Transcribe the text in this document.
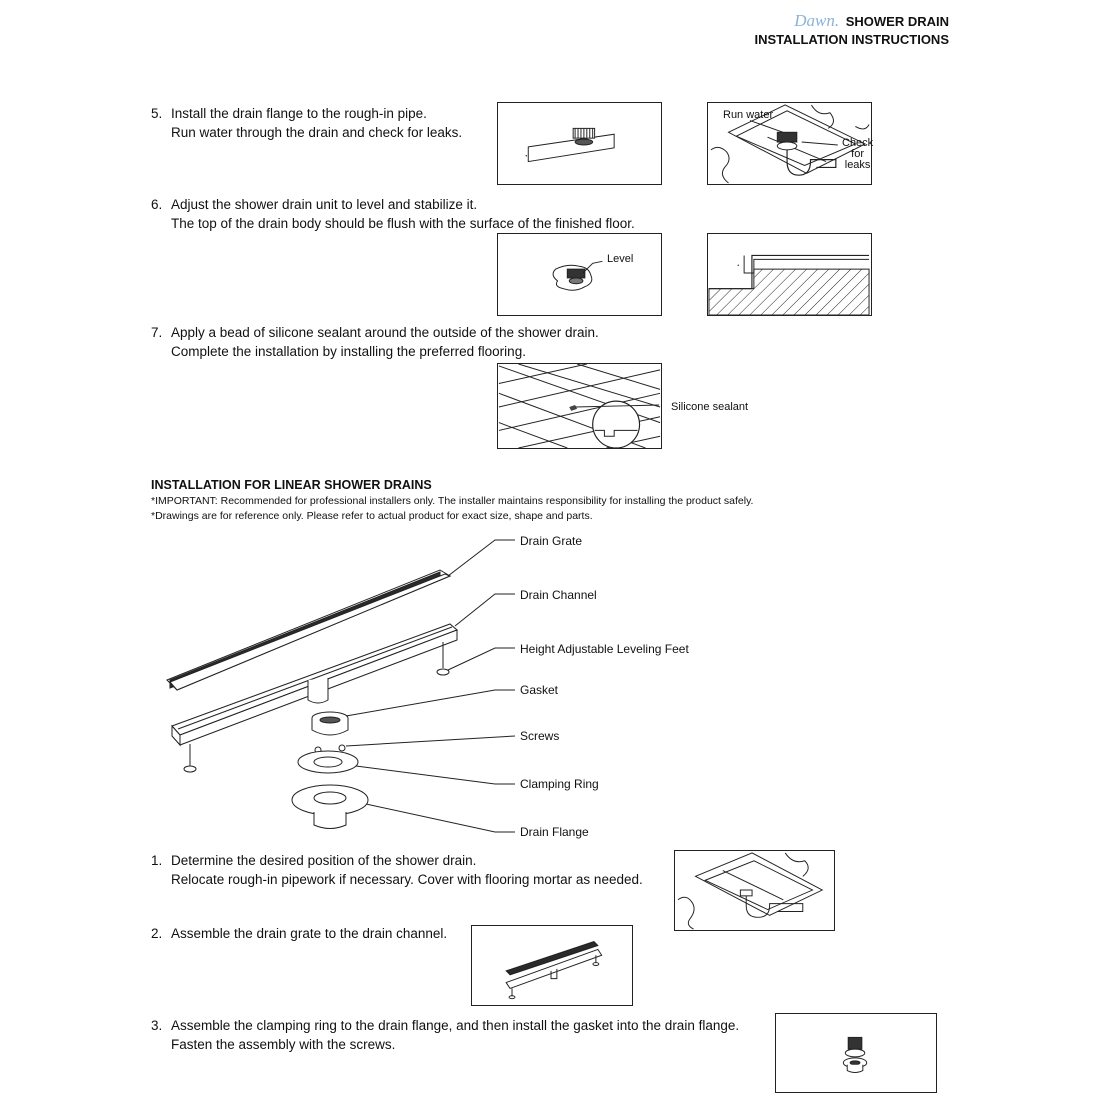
Dawn. SHOWER DRAIN
INSTALLATION INSTRUCTIONS
5. Install the drain flange to the rough-in pipe.
Run water through the drain and check for leaks.
Run water
Check
for
leaks
6. Adjust the shower drain unit to level and stabilize it.
The top of the drain body should be flush with the surface of the finished floor.
Level
7. Apply a bead of silicone sealant around the outside of the shower drain.
Complete the installation by installing the preferred flooring.
Silicone sealant
INSTALLATION FOR LINEAR SHOWER DRAINS
*IMPORTANT: Recommended for professional installers only. The installer maintains responsibility for installing the product safely.
*Drawings are for reference only. Please refer to actual product for exact size, shape and parts.
Drain Grate
Drain Channel
Height Adjustable Leveling Feet
Gasket
Screws
Clamping Ring
Drain Flange
1. Determine the desired position of the shower drain.
Relocate rough-in pipework if necessary. Cover with flooring mortar as needed.
2. Assemble the drain grate to the drain channel.
3. Assemble the clamping ring to the drain flange, and then install the gasket into the drain flange.
Fasten the assembly with the screws.
